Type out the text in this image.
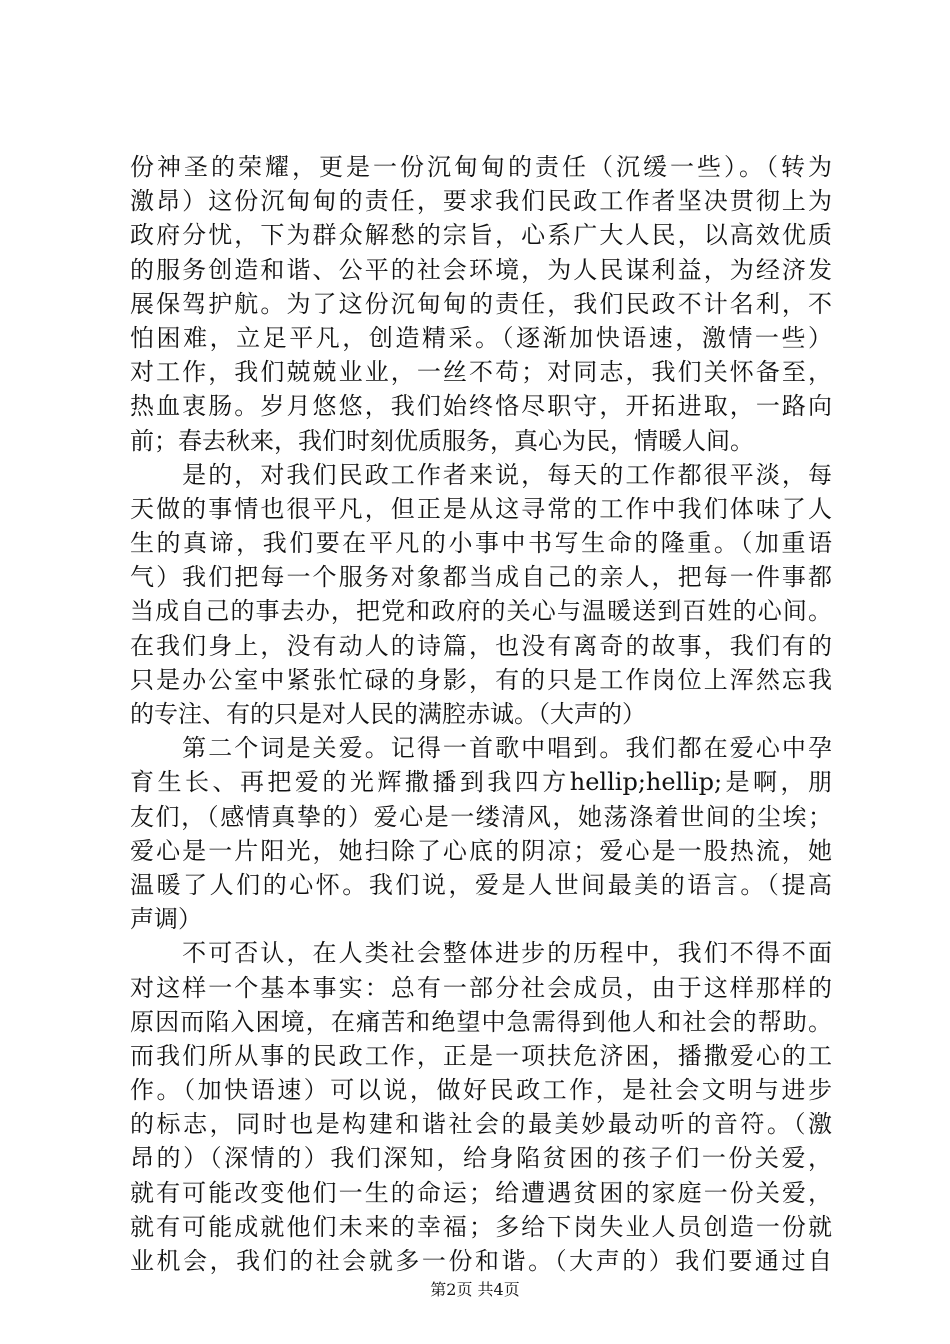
份神圣的荣耀，更是一份沉甸甸的责任（沉缓一些）。（转为
激昂）这份沉甸甸的责任，要求我们民政工作者坚决贯彻上为
政府分忧，下为群众解愁的宗旨，心系广大人民，以高效优质
的服务创造和谐、公平的社会环境，为人民谋利益，为经济发
展保驾护航。为了这份沉甸甸的责任，我们民政不计名利，不
怕困难，立足平凡，创造精采。（逐渐加快语速，激情一些）
对工作，我们兢兢业业，一丝不苟；对同志，我们关怀备至，
热血衷肠。岁月悠悠，我们始终恪尽职守，开拓进取，一路向
前；春去秋来，我们时刻优质服务，真心为民，情暖人间。
　　是的，对我们民政工作者来说，每天的工作都很平淡，每
天做的事情也很平凡，但正是从这寻常的工作中我们体味了人
生的真谛，我们要在平凡的小事中书写生命的隆重。（加重语
气）我们把每一个服务对象都当成自己的亲人，把每一件事都
当成自己的事去办，把党和政府的关心与温暖送到百姓的心间。
在我们身上，没有动人的诗篇，也没有离奇的故事，我们有的
只是办公室中紧张忙碌的身影，有的只是工作岗位上浑然忘我
的专注、有的只是对人民的满腔赤诚。（大声的）
　　第二个词是关爱。记得一首歌中唱到。我们都在爱心中孕
育生长、再把爱的光辉撒播到我四方hellip;hellip;是啊，朋
友们，（感情真挚的）爱心是一缕清风，她荡涤着世间的尘埃；
爱心是一片阳光，她扫除了心底的阴凉；爱心是一股热流，她
温暖了人们的心怀。我们说，爱是人世间最美的语言。（提高
声调）
　　不可否认，在人类社会整体进步的历程中，我们不得不面
对这样一个基本事实：总有一部分社会成员，由于这样那样的
原因而陷入困境，在痛苦和绝望中急需得到他人和社会的帮助。
而我们所从事的民政工作，正是一项扶危济困，播撒爱心的工
作。（加快语速）可以说，做好民政工作，是社会文明与进步
的标志，同时也是构建和谐社会的最美妙最动听的音符。（激
昂的）（深情的）我们深知，给身陷贫困的孩子们一份关爱，
就有可能改变他们一生的命运；给遭遇贫困的家庭一份关爱，
就有可能成就他们未来的幸福；多给下岗失业人员创造一份就
业机会，我们的社会就多一份和谐。（大声的）我们要通过自
第2页 共4页
